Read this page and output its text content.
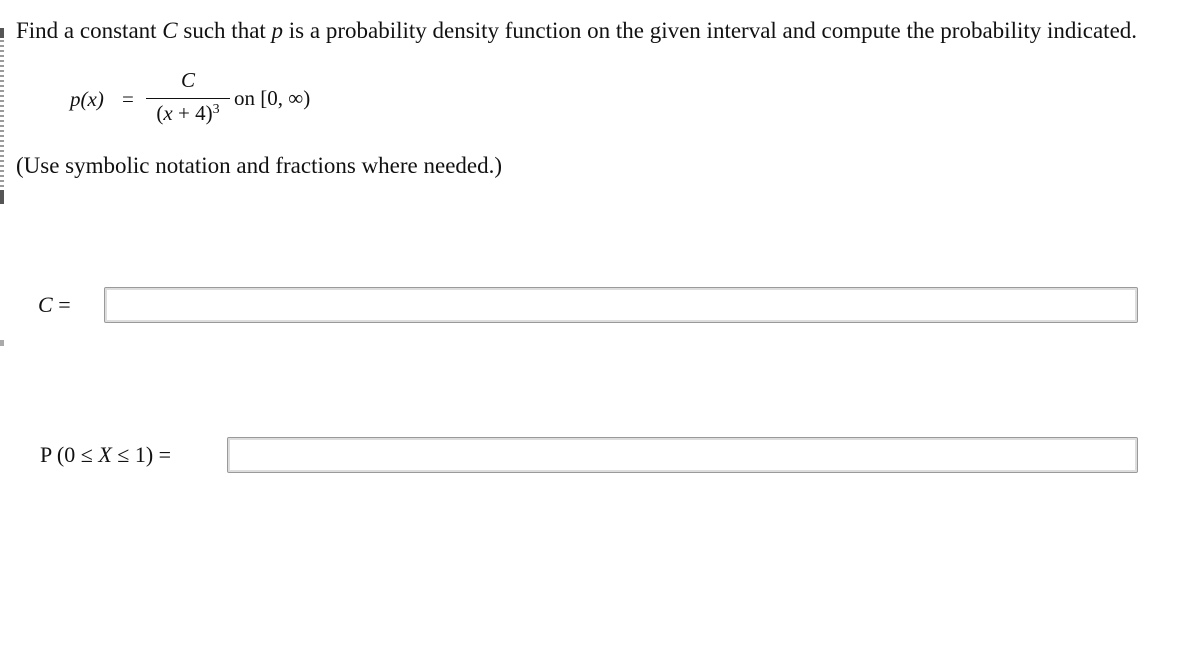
Find a constant C such that p is a probability density function on the given interval and compute the probability indicated.
p(x) =
C
$(x + 4)^3$ on [0, ∞)
(Use symbolic notation and fractions where needed.)
C =
P (0 ≤ X ≤ 1) =
